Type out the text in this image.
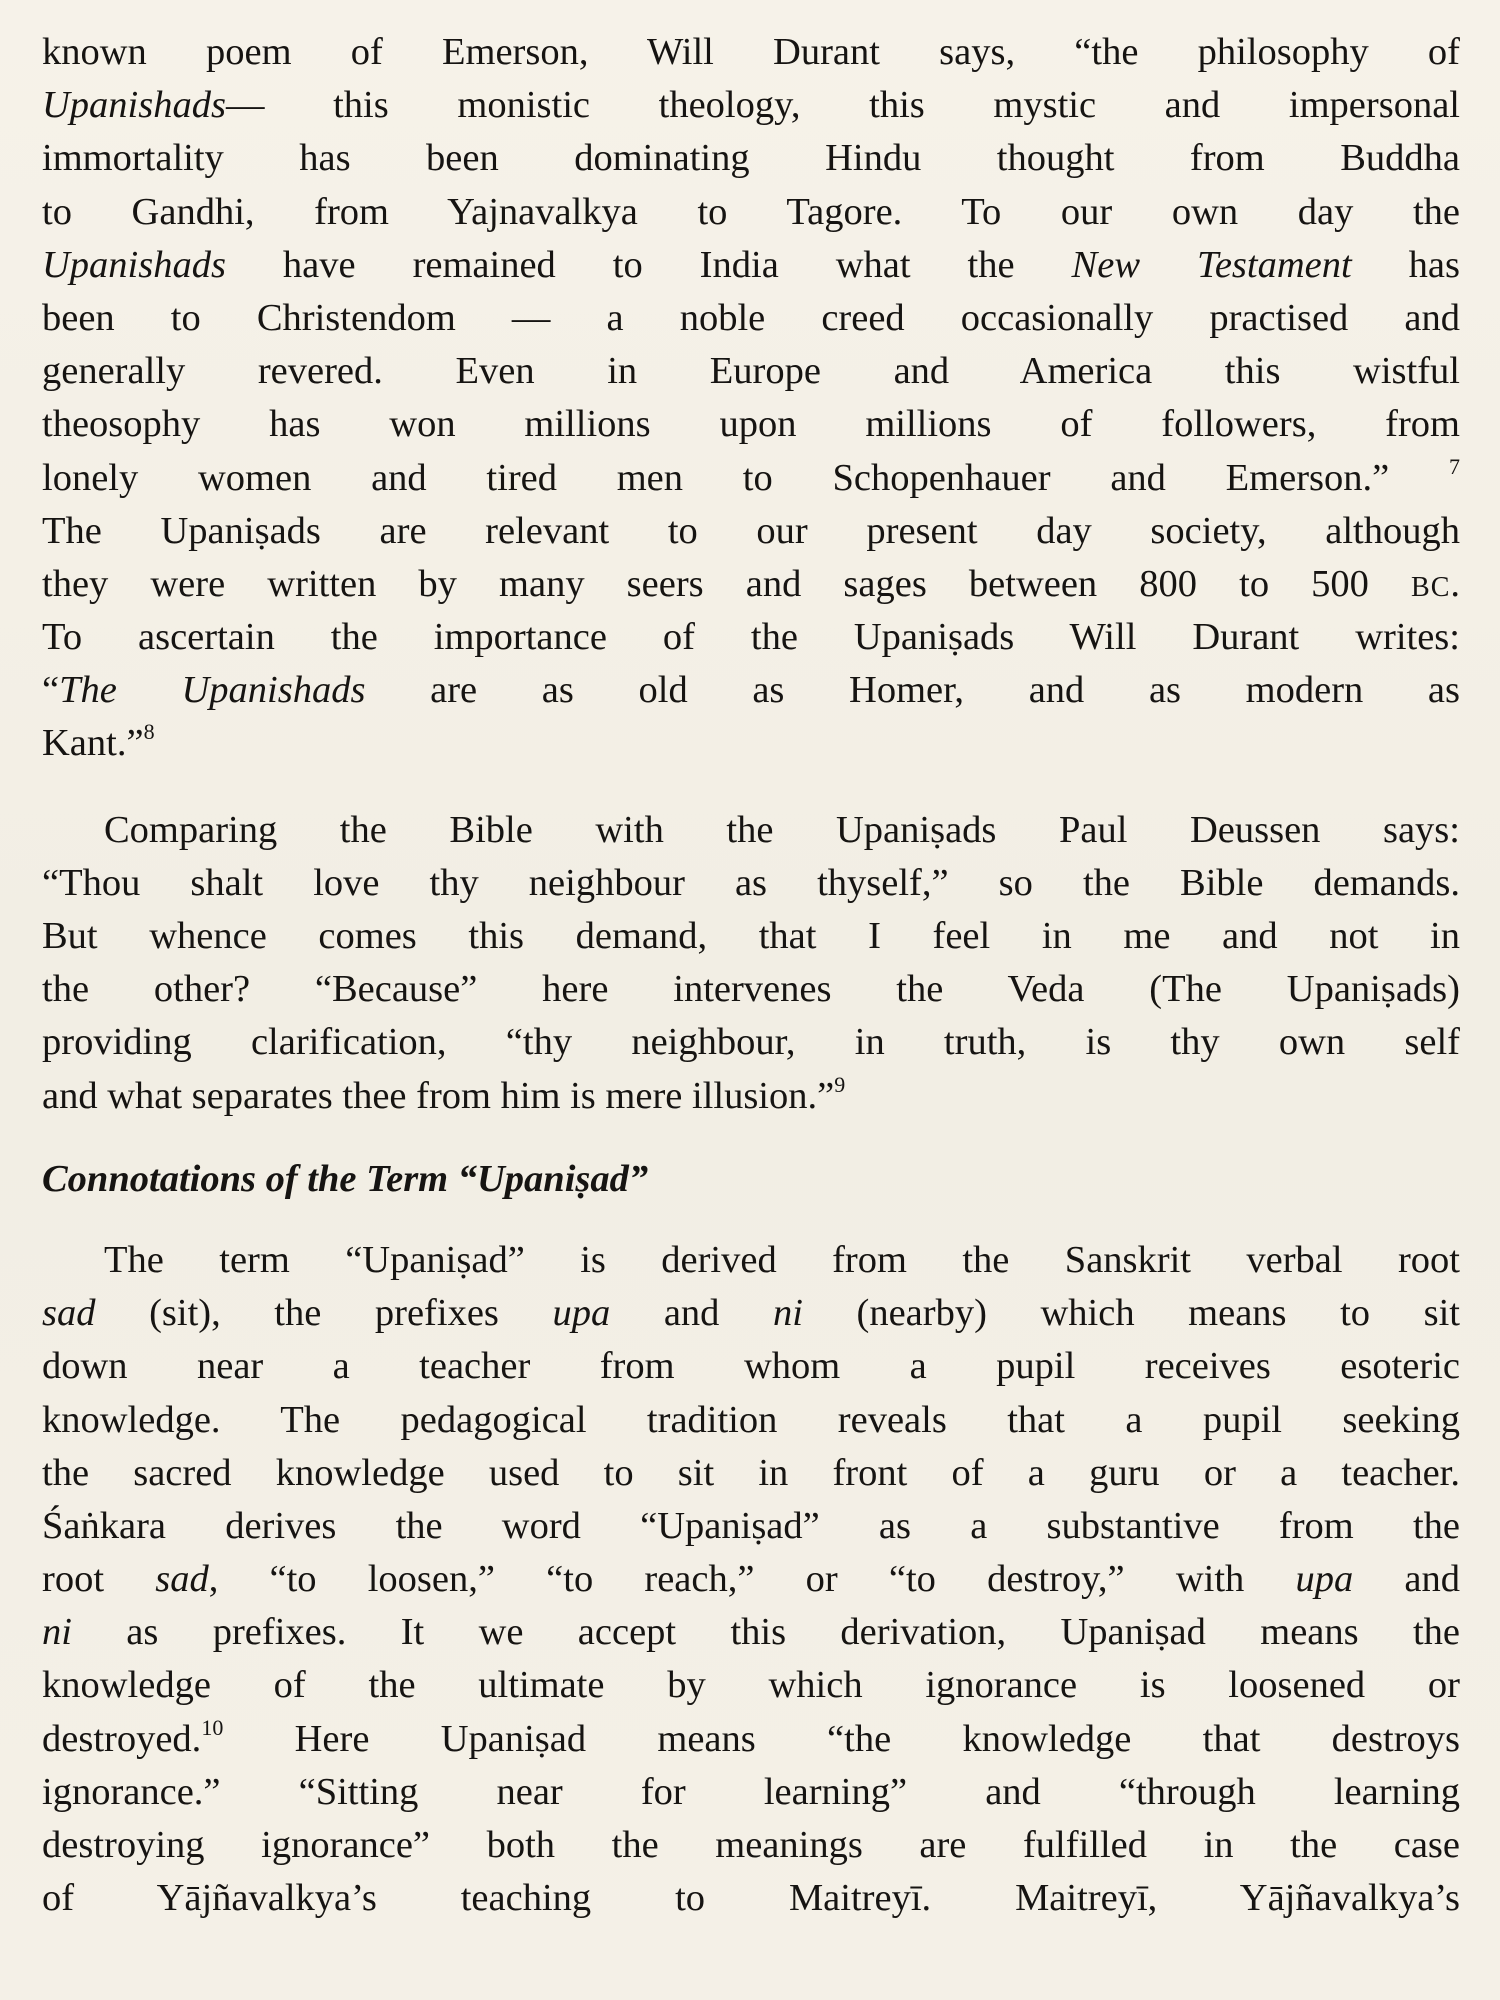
known poem of Emerson, Will Durant says, “the philosophy of
Upanishads— this monistic theology, this mystic and impersonal
immortality has been dominating Hindu thought from Buddha
to Gandhi, from Yajnavalkya to Tagore. To our own day the
Upanishads have remained to India what the New Testament has
been to Christendom — a noble creed occasionally practised and
generally revered. Even in Europe and America this wistful
theosophy has won millions upon millions of followers, from
lonely women and tired men to Schopenhauer and Emerson.” $^7$
The Upaniṣads are relevant to our present day society, although
they were written by many seers and sages between 800 to 500 BC.
To ascertain the importance of the Upaniṣads Will Durant writes:
“The Upanishads are as old as Homer, and as modern as
Kant.”$^8$
Comparing the Bible with the Upaniṣads Paul Deussen says:
“Thou shalt love thy neighbour as thyself,” so the Bible demands.
But whence comes this demand, that I feel in me and not in
the other? “Because” here intervenes the Veda (The Upaniṣads)
providing clarification, “thy neighbour, in truth, is thy own self
and what separates thee from him is mere illusion.”$^9$
Connotations of the Term “Upaniṣad”
The term “Upaniṣad” is derived from the Sanskrit verbal root
sad (sit), the prefixes upa and ni (nearby) which means to sit
down near a teacher from whom a pupil receives esoteric
knowledge. The pedagogical tradition reveals that a pupil seeking
the sacred knowledge used to sit in front of a guru or a teacher.
Śaṅkara derives the word “Upaniṣad” as a substantive from the
root sad, “to loosen,” “to reach,” or “to destroy,” with upa and
ni as prefixes. It we accept this derivation, Upaniṣad means the
knowledge of the ultimate by which ignorance is loosened or
destroyed.$^{10}$ Here Upaniṣad means “the knowledge that destroys
ignorance.” “Sitting near for learning” and “through learning
destroying ignorance” both the meanings are fulfilled in the case
of Yājñavalkya’s teaching to Maitreyī. Maitreyī, Yājñavalkya’s
